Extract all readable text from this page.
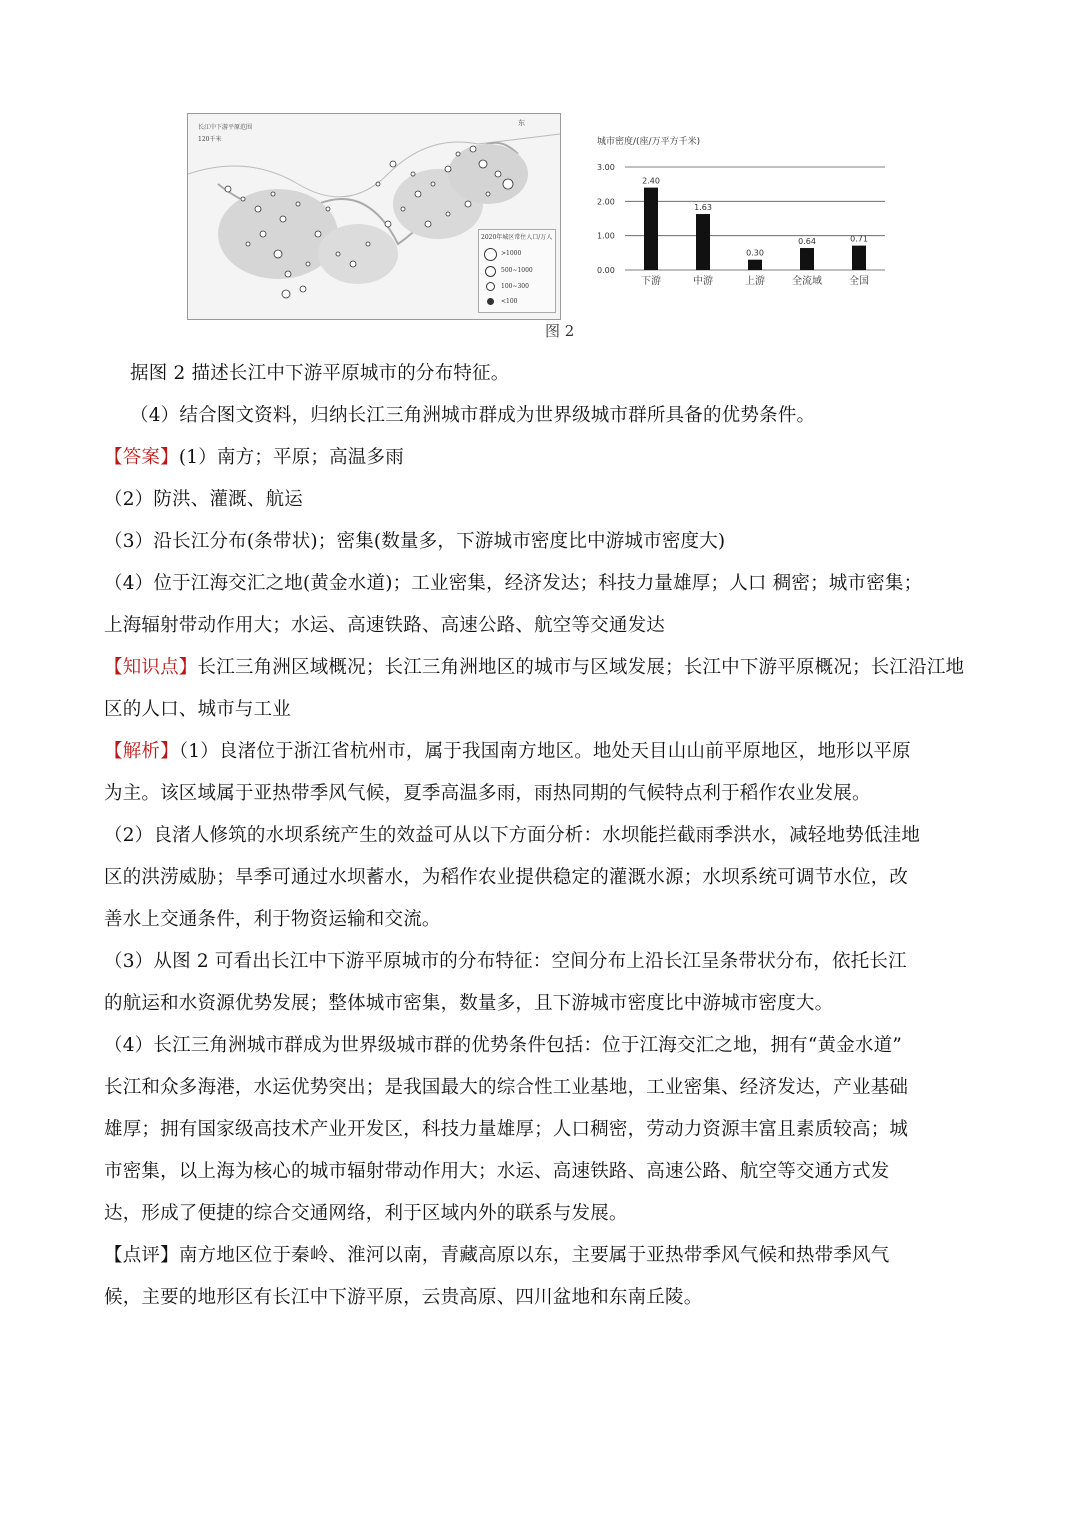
长江中下游平原范围
120千米
东
2020年城区常住人口/万人
>1000
500~1000
100~300
<100
城市密度/(座/万平方千米)
0.00
1.00
2.00
3.00
2.40
下游
1.63
中游
0.30
上游
0.64
全流域
0.71
全国
图 2
据图 2 描述长江中下游平原城市的分布特征。
（4）结合图文资料，归纳长江三角洲城市群成为世界级城市群所具备的优势条件。
【答案】(1）南方；平原；高温多雨
（2）防洪、灌溉、航运
（3）沿长江分布(条带状)；密集(数量多，下游城市密度比中游城市密度大)
（4）位于江海交汇之地(黄金水道)；工业密集，经济发达；科技力量雄厚；人口 稠密；城市密集；
上海辐射带动作用大；水运、高速铁路、高速公路、航空等交通发达
【知识点】长江三角洲区域概况；长江三角洲地区的城市与区域发展；长江中下游平原概况；长江沿江地
区的人口、城市与工业
【解析】（1）良渚位于浙江省杭州市，属于我国南方地区。地处天目山山前平原地区，地形以平原
为主。该区域属于亚热带季风气候，夏季高温多雨，雨热同期的气候特点利于稻作农业发展。
（2）良渚人修筑的水坝系统产生的效益可从以下方面分析：水坝能拦截雨季洪水，减轻地势低洼地
区的洪涝威胁；旱季可通过水坝蓄水，为稻作农业提供稳定的灌溉水源；水坝系统可调节水位，改
善水上交通条件，利于物资运输和交流。
（3）从图 2 可看出长江中下游平原城市的分布特征：空间分布上沿长江呈条带状分布，依托长江
的航运和水资源优势发展；整体城市密集，数量多，且下游城市密度比中游城市密度大。
（4）长江三角洲城市群成为世界级城市群的优势条件包括：位于江海交汇之地，拥有“黄金水道”
长江和众多海港，水运优势突出；是我国最大的综合性工业基地，工业密集、经济发达，产业基础
雄厚；拥有国家级高技术产业开发区，科技力量雄厚；人口稠密，劳动力资源丰富且素质较高；城
市密集，以上海为核心的城市辐射带动作用大；水运、高速铁路、高速公路、航空等交通方式发
达，形成了便捷的综合交通网络，利于区域内外的联系与发展。
【点评】南方地区位于秦岭、淮河以南，青藏高原以东，主要属于亚热带季风气候和热带季风气
候，主要的地形区有长江中下游平原，云贵高原、四川盆地和东南丘陵。
